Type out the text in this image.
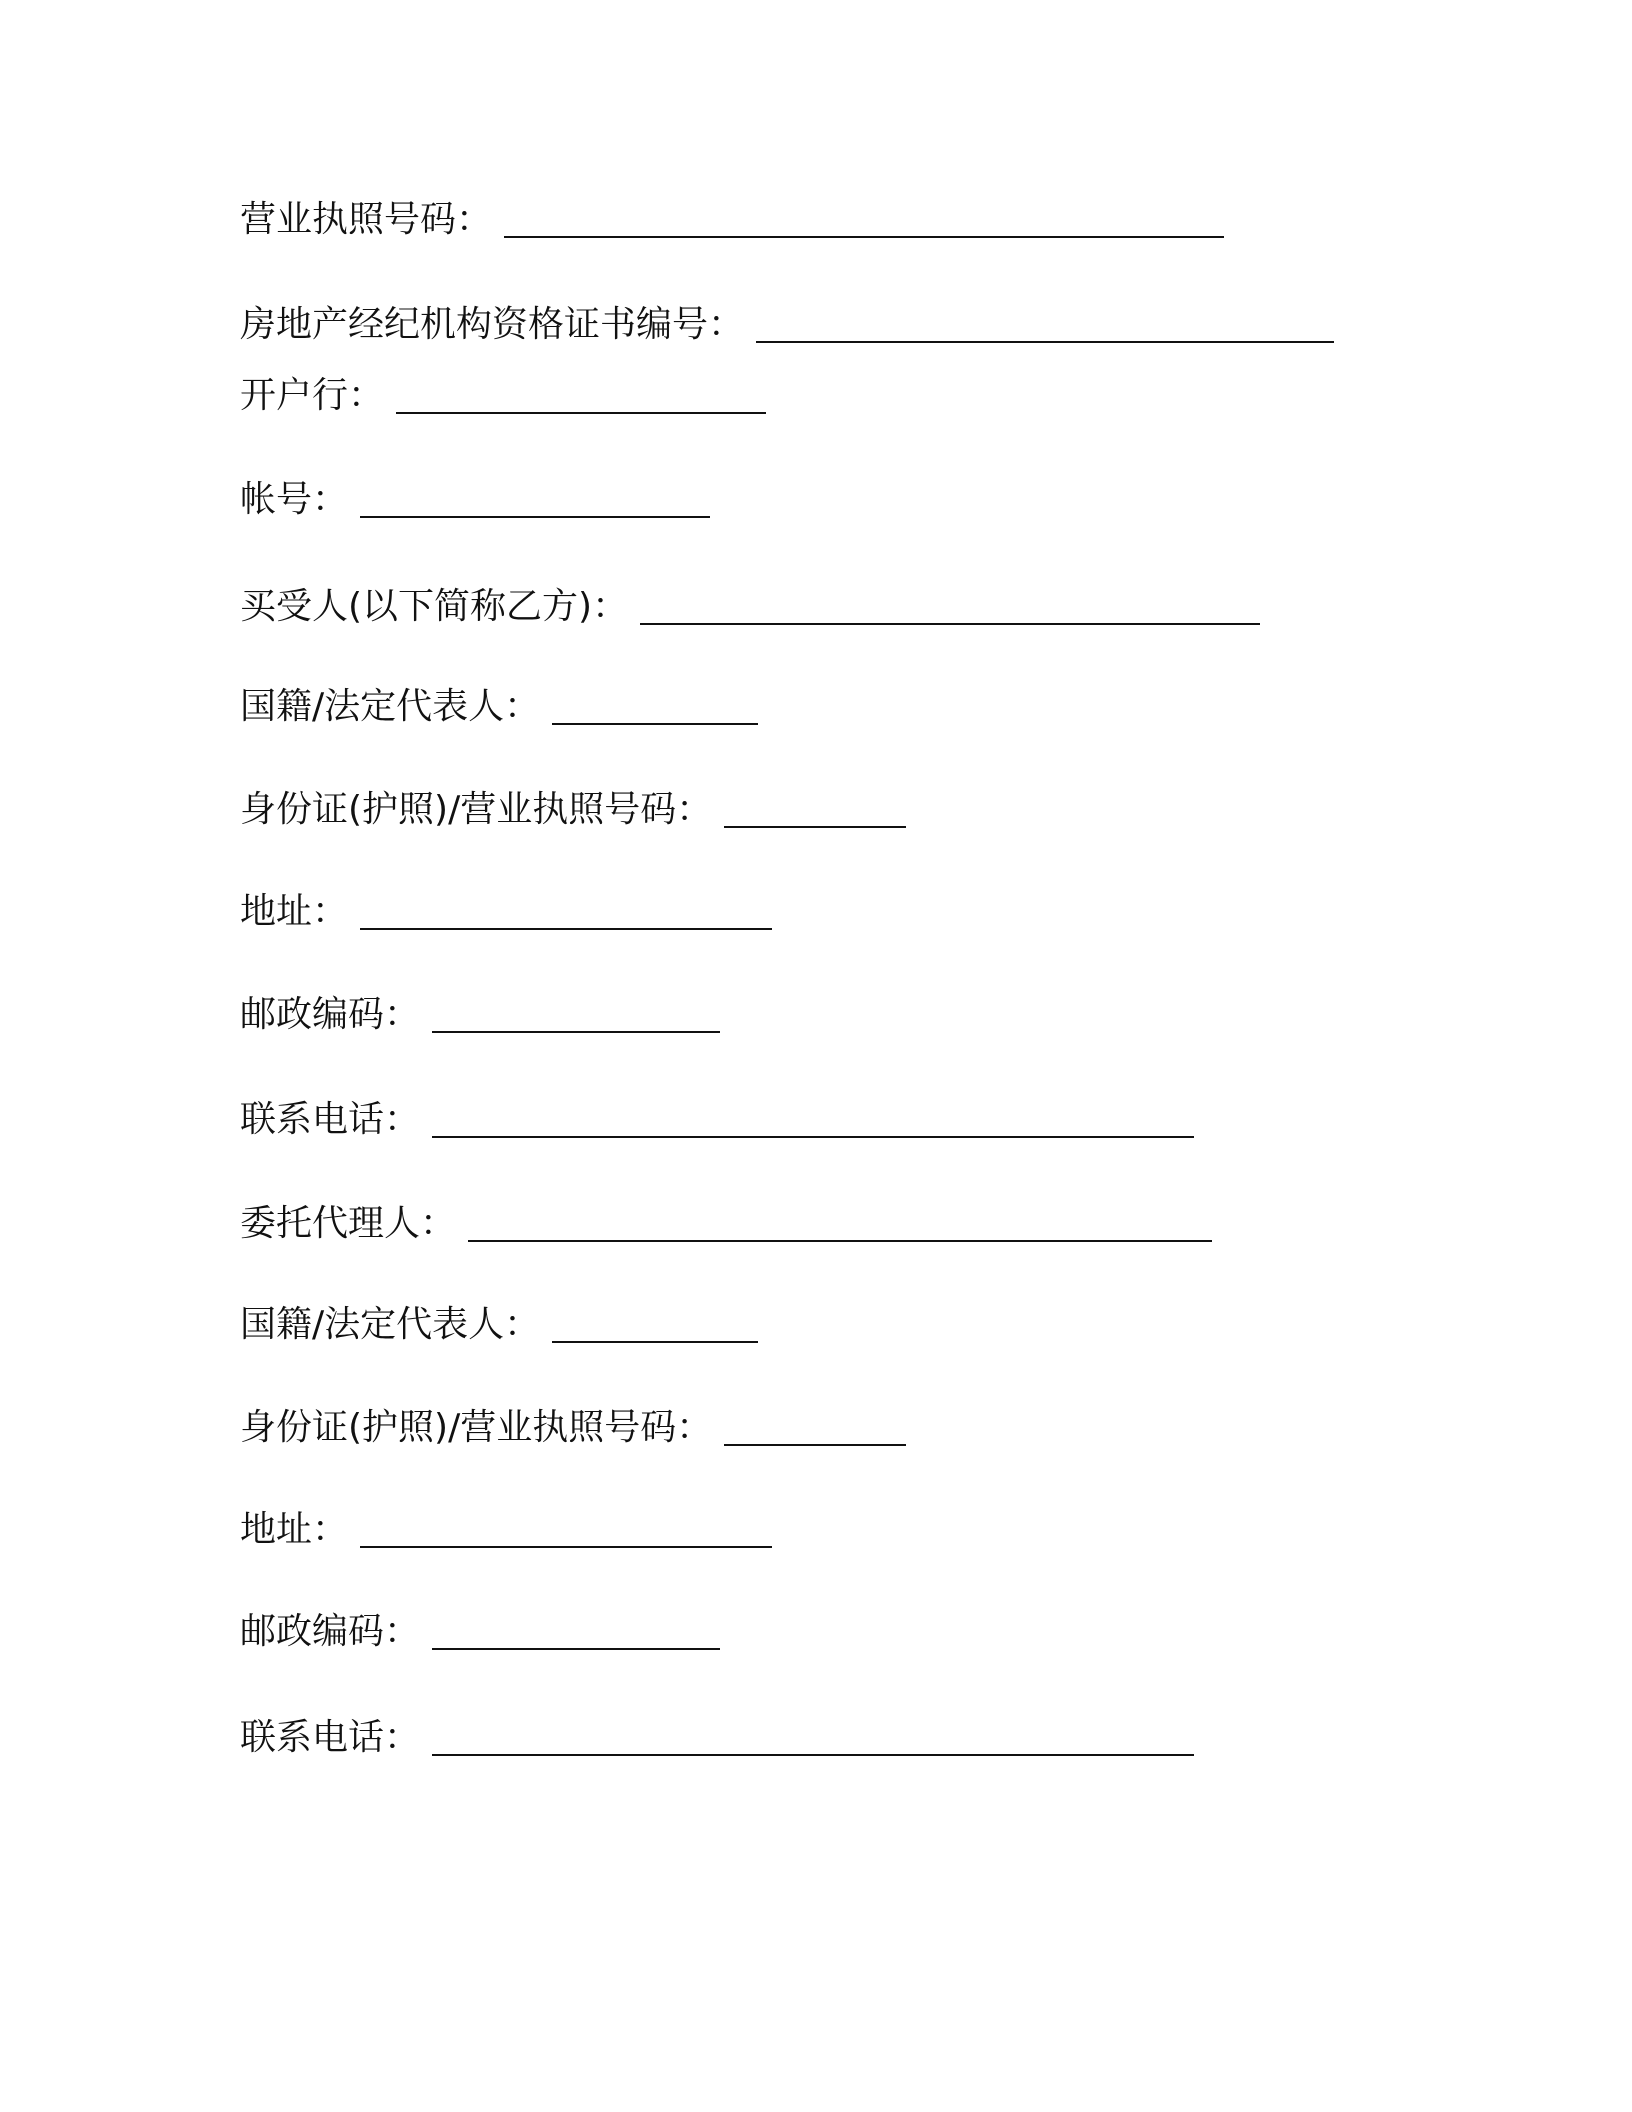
营业执照号码：
房地产经纪机构资格证书编号：
开户行：
帐号：
买受人(以下简称乙方)：
国籍/法定代表人：
身份证(护照)/营业执照号码：
地址：
邮政编码：
联系电话：
委托代理人：
国籍/法定代表人：
身份证(护照)/营业执照号码：
地址：
邮政编码：
联系电话：
